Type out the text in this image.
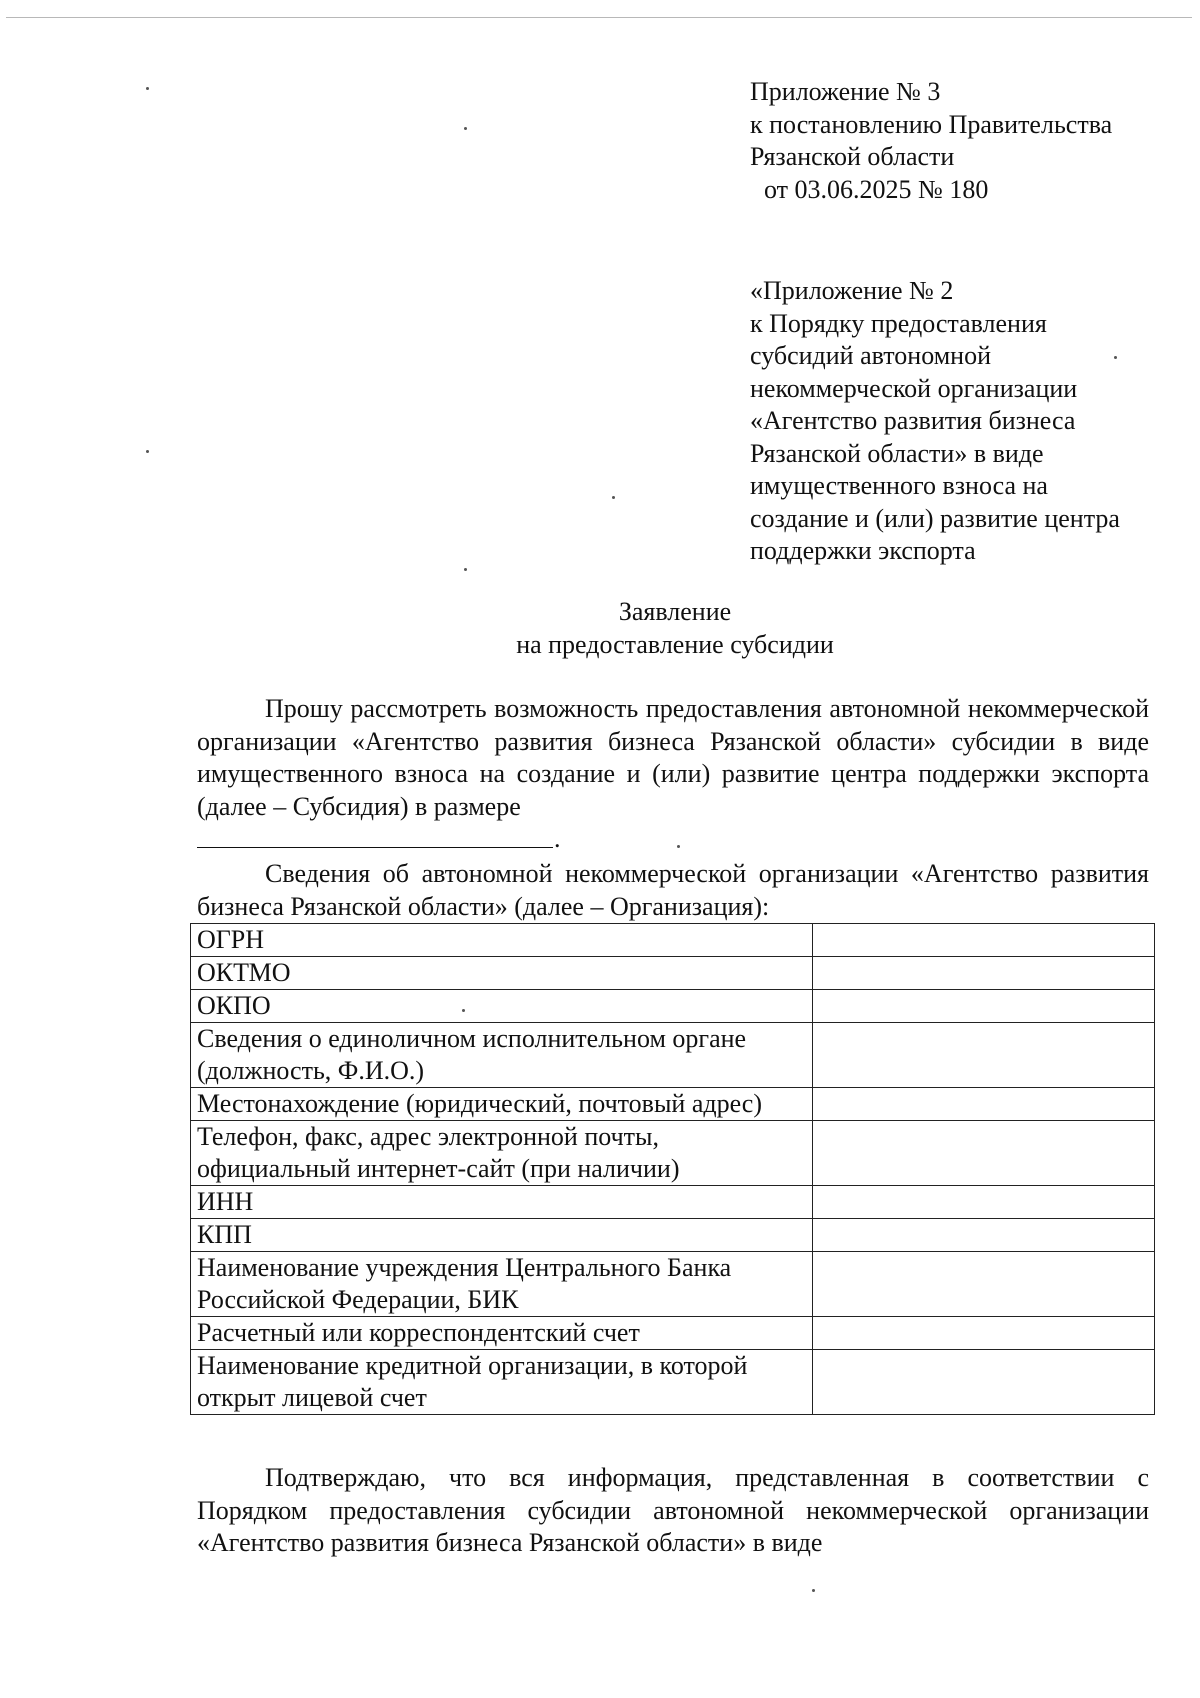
Приложение № 3
к постановлению Правительства
Рязанской области
от 03.06.2025 № 180
«Приложение № 2
к Порядку предоставления
субсидий автономной
некоммерческой организации
«Агентство развития бизнеса
Рязанской области» в виде
имущественного взноса на
создание и (или) развитие центра
поддержки экспорта
Заявление
на предоставление субсидии
Прошу рассмотреть возможность предоставления автономной некоммерческой организации «Агентство развития бизнеса Рязанской области» субсидии в виде имущественного взноса на создание и (или) развитие центра поддержки экспорта (далее – Субсидия) в размере
.
Сведения об автономной некоммерческой организации «Агентство развития бизнеса Рязанской области» (далее – Организация):
ОГРН	
ОКТМО	
ОКПО	
Сведения о единоличном исполнительном органе (должность, Ф.И.О.)	
Местонахождение (юридический, почтовый адрес)	
Телефон, факс, адрес электронной почты, официальный интернет-сайт (при наличии)	
ИНН	
КПП	
Наименование учреждения Центрального Банка Российской Федерации, БИК	
Расчетный или корреспондентский счет	
Наименование кредитной организации, в которой открыт лицевой счет	
Подтверждаю, что вся информация, представленная в соответствии с Порядком предоставления субсидии автономной некоммерческой организации «Агентство развития бизнеса Рязанской области» в виде
